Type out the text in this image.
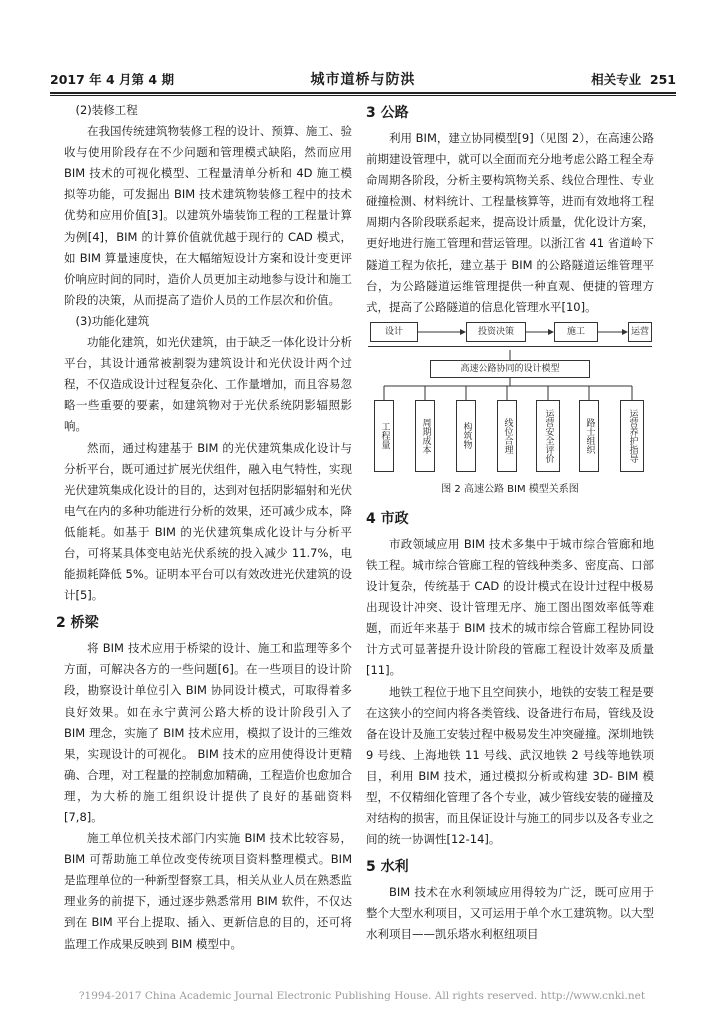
2017 年 4 月第 4 期	城市道桥与防洪	相关专业 251

(2)装修工程

在我国传统建筑物装修工程的设计、预算、施工、验收与使用阶段存在不少问题和管理模式缺陷，然而应用 BIM 技术的可视化模型、工程量清单分析和 4D 施工模拟等功能，可发掘出 BIM 技术建筑物装修工程中的技术优势和应用价值[3]。以建筑外墙装饰工程的工程量计算为例[4]，BIM 的计算价值就优越于现行的 CAD 模式，如 BIM 算量速度快，在大幅缩短设计方案和设计变更评价响应时间的同时，造价人员更加主动地参与设计和施工阶段的决策，从而提高了造价人员的工作层次和价值。

(3)功能化建筑

功能化建筑，如光伏建筑，由于缺乏一体化设计分析平台，其设计通常被割裂为建筑设计和光伏设计两个过程，不仅造成设计过程复杂化、工作量增加，而且容易忽略一些重要的要素，如建筑物对于光伏系统阴影辐照影响。

然而，通过构建基于 BIM 的光伏建筑集成化设计与分析平台，既可通过扩展光伏组件，融入电气特性，实现光伏建筑集成化设计的目的，达到对包括阴影辐射和光伏电气在内的多种功能进行分析的效果，还可减少成本，降低能耗。如基于 BIM 的光伏建筑集成化设计与分析平台，可将某具体变电站光伏系统的投入减少 11.7%，电能损耗降低 5%。证明本平台可以有效改进光伏建筑的设计[5]。

2 桥梁

将 BIM 技术应用于桥梁的设计、施工和监理等多个方面，可解决各方的一些问题[6]。在一些项目的设计阶段，勘察设计单位引入 BIM 协同设计模式，可取得着多良好效果。如在永宁黄河公路大桥的设计阶段引入了 BIM 理念，实施了 BIM 技术应用，模拟了设计的三维效果，实现设计的可视化。 BIM 技术的应用使得设计更精确、合理，对工程量的控制愈加精确，工程造价也愈加合理，为大桥的施工组织设计提供了良好的基础资料[7,8]。

施工单位机关技术部门内实施 BIM 技术比较容易，BIM 可帮助施工单位改变传统项目资料整理模式。BIM 是监理单位的一种新型督察工具，相关从业人员在熟悉监理业务的前提下，通过逐步熟悉常用 BIM 软件，不仅达到在 BIM 平台上提取、插入、更新信息的目的，还可将监理工作成果反映到 BIM 模型中。

3 公路

利用 BIM，建立协同模型[9]（见图 2），在高速公路前期建设管理中，就可以全面而充分地考虑公路工程全寿命周期各阶段，分析主要构筑物关系、线位合理性、专业碰撞检测、材料统计、工程量核算等，进而有效地将工程周期内各阶段联系起来，提高设计质量，优化设计方案，更好地进行施工管理和营运管理。以浙江省 41 省道岭下隧道工程为依托，建立基于 BIM 的公路隧道运维管理平台，为公路隧道运维管理提供一种直观、便捷的管理方式，提高了公路隧道的信息化管理水平[10]。

设计	投资决策	施工	运营
高速公路协同的设计模型
工程量	周期成本	构筑物	线位合理	运营安全评价	路士组织	运营养护指导
图 2 高速公路 BIM 模型关系图
4 市政

市政领域应用 BIM 技术多集中于城市综合管廊和地铁工程。城市综合管廊工程的管线种类多、密度高、口部设计复杂，传统基于 CAD 的设计模式在设计过程中极易出现设计冲突、设计管理无序、施工图出图效率低等难题，而近年来基于 BIM 技术的城市综合管廊工程协同设计方式可显著提升设计阶段的管廊工程设计效率及质量[11]。

地铁工程位于地下且空间狭小，地铁的安装工程是要在这狭小的空间内将各类管线、设备进行布局，管线及设备在设计及施工安装过程中极易发生冲突碰撞。深圳地铁 9 号线、上海地铁 11 号线、武汉地铁 2 号线等地铁项目，利用 BIM 技术，通过模拟分析或构建 3D- BIM 模型，不仅精细化管理了各个专业，减少管线安装的碰撞及对结构的损害，而且保证设计与施工的同步以及各专业之间的统一协调性[12-14]。

5 水利

BIM 技术在水利领域应用得较为广泛，既可应用于整个大型水利项目，又可运用于单个水工建筑物。以大型水利项目——凯乐塔水利枢纽项目

?1994-2017 China Academic Journal Electronic Publishing House. All rights reserved. http://www.cnki.net
